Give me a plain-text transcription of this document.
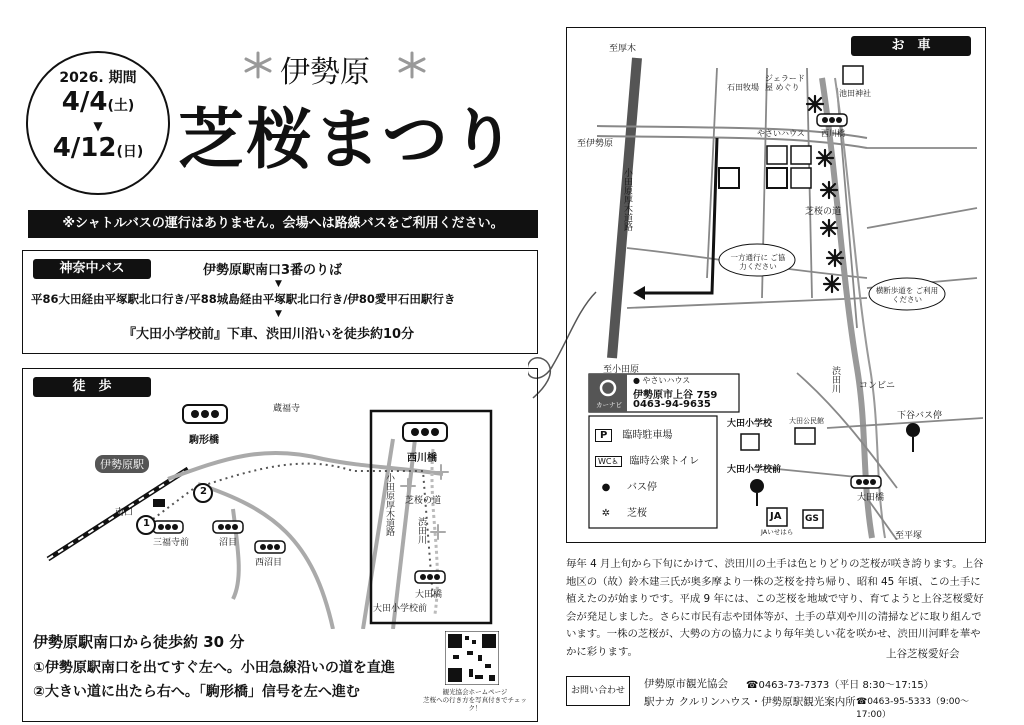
2026. 期間
4/4(土)
▼
4/12(日)
伊勢原
芝桜まつり
※シャトルバスの運行はありません。会場へは路線バスをご利用ください。
神奈中バス	伊勢原駅南口3番のりば
▼
平86大田経由平塚駅北口行き/平88城島経由平塚駅北口行き/伊80愛甲石田駅行き
▼
『大田小学校前』下車、渋田川沿いを徒歩約10分
徒　歩
蔵福寺
駒形橋
伊勢原駅
南口
1
2
三福寺前	沼目
西沼目
西川橋
芝桜の道
渋田川
小田原厚木道路
大田橋
大田小学校前
伊勢原駅南口から徒歩約 30 分
①伊勢原駅南口を出てすぐ左へ。小田急線沿いの道を直進
②大きい道に出たら右へ。「駒形橋」信号を左へ進む	観光協会ホームページ
芝桜への行き方を写真付きでチェック！
お　車
至厚木
至伊勢原
至小田原
至平塚
小田原厚木道路
石田牧場
ジェラード屋 めぐり
池田神社
やさいハウス 西川橋
芝桜の道
一方通行に ご協力ください
横断歩道を ご利用ください
渋田川 コンビニ
下谷バス停
大田小学校 大田公民館
大田小学校前
大田橋
JA
JAいせはら
GS
カーナビ
● やさいハウス
伊勢原市上谷 759
0463-94-9635
P 臨時駐車場
WC♿ 臨時公衆トイレ
● バス停
✲ 芝桜
毎年 4 月上旬から下旬にかけて、渋田川の土手は色とりどりの芝桜が咲き誇ります。上谷地区の（故）鈴木建三氏が奥多摩より一株の芝桜を持ち帰り、昭和 45 年頃、この土手に植えたのが始まりです。平成 9 年には、この芝桜を地域で守り、育てようと上谷芝桜愛好会が発足しました。さらに市民有志や団体等が、土手の草刈や川の清掃などに取り組んでいます。一株の芝桜が、大勢の方の協力により毎年美しい花を咲かせ、渋田川河畔を華やかに彩ります。	上谷芝桜愛好会
お問い合わせ
伊勢原市観光協会 ☎0463-73-7373（平日 8:30～17:15）
駅ナカ クルリンハウス・伊勢原駅観光案内所 ☎0463-95-5333（9:00～17:00）
